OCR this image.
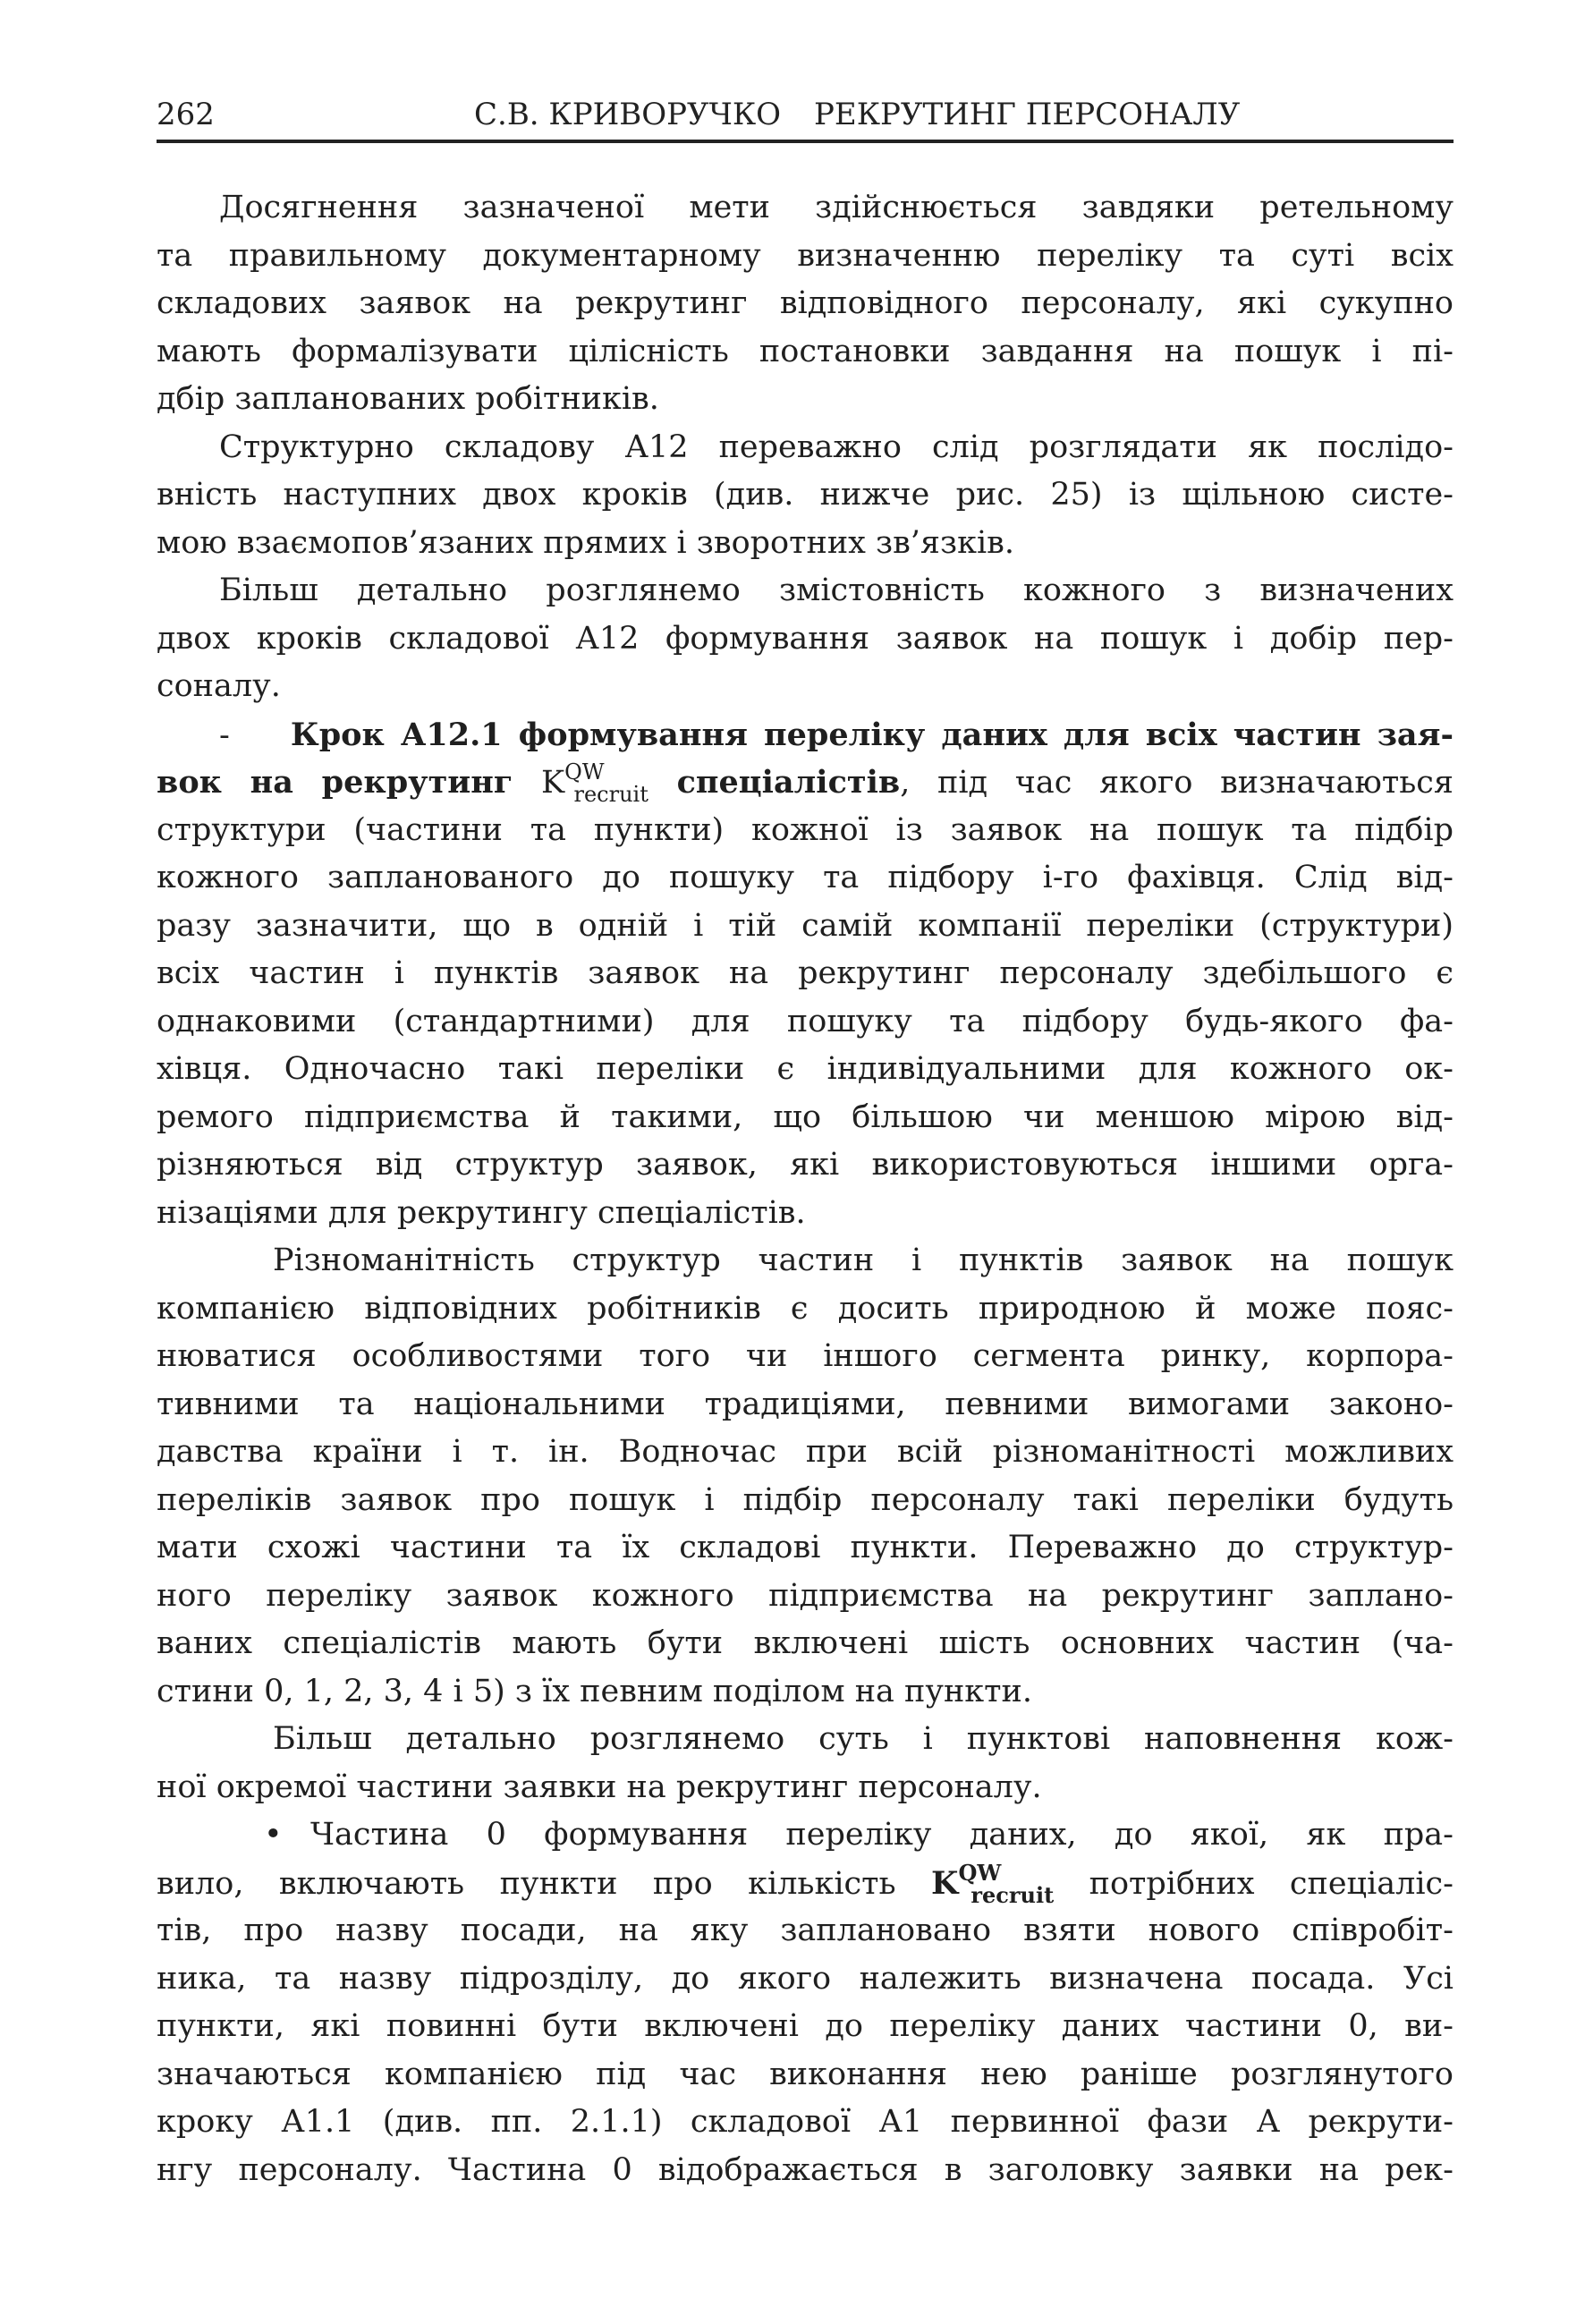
262	С.В. КРИВОРУЧКО РЕКРУТИНГ ПЕРСОНАЛУ
Досягнення зазначеної мети здійснюється завдяки ретельному
та правильному документарному визначенню переліку та суті всіх
складових заявок на рекрутинг відповідного персоналу, які сукупно
мають формалізувати цілісність постановки завдання на пошук і пі-
дбір запланованих робітників.
Структурно складову А12 переважно слід розглядати як послідо-
вність наступних двох кроків (див. нижче рис. 25) із щільною систе-
мою взаємопов’язаних прямих і зворотних зв’язків.
Більш детально розглянемо змістовність кожного з визначених
двох кроків складової А12 формування заявок на пошук і добір пер-
соналу.
- Крок А12.1 формування переліку даних для всіх частин зая-
вок на рекрутинг $K^{QW}_{recruit}$ спеціалістів, під час якого визначаються
структури (частини та пункти) кожної із заявок на пошук та підбір
кожного запланованого до пошуку та підбору і-го фахівця. Слід від-
разу зазначити, що в одній і тій самій компанії переліки (структури)
всіх частин і пунктів заявок на рекрутинг персоналу здебільшого є
однаковими (стандартними) для пошуку та підбору будь-якого фа-
хівця. Одночасно такі переліки є індивідуальними для кожного ок-
ремого підприємства й такими, що більшою чи меншою мірою від-
різняються від структур заявок, які використовуються іншими орга-
нізаціями для рекрутингу спеціалістів.
Різноманітність структур частин і пунктів заявок на пошук
компанією відповідних робітників є досить природною й може пояс-
нюватися особливостями того чи іншого сегмента ринку, корпора-
тивними та національними традиціями, певними вимогами законо-
давства країни і т. ін. Водночас при всій різноманітності можливих
переліків заявок про пошук і підбір персоналу такі переліки будуть
мати схожі частини та їх складові пункти. Переважно до структур-
ного переліку заявок кожного підприємства на рекрутинг заплано-
ваних спеціалістів мають бути включені шість основних частин (ча-
стини 0, 1, 2, 3, 4 і 5) з їх певним поділом на пункти.
Більш детально розглянемо суть і пунктові наповнення кож-
ної окремої частини заявки на рекрутинг персоналу.
• Частина 0 формування переліку даних, до якої, як пра-
вило, включають пункти про кількість $K^{QW}_{recruit}$ потрібних спеціаліс-
тів, про назву посади, на яку заплановано взяти нового співробіт-
ника, та назву підрозділу, до якого належить визначена посада. Усі
пункти, які повинні бути включені до переліку даних частини 0, ви-
значаються компанією під час виконання нею раніше розглянутого
кроку А1.1 (див. пп. 2.1.1) складової А1 первинної фази А рекрути-
нгу персоналу. Частина 0 відображається в заголовку заявки на рек-
